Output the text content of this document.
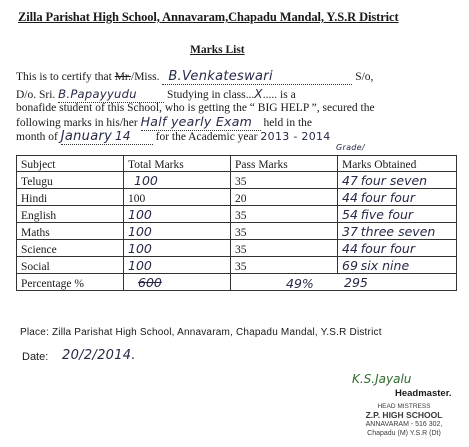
Zilla Parishat High School, Annavaram,Chapadu Mandal, Y.S.R District
Marks List
This is to certify that Mr./Miss. B.Venkateswari	S/o,
D/o. Sri. B.Papayyudu	Studying in class...X..... is a
bonafide student of this School, who is getting the “ BIG HELP ”, secured the
following marks in his/her Half yearly Exam held in the
month of January 14 for the Academic year 2013 - 2014
Grade/
Subject	Total Marks	Pass Marks	Marks Obtained
Telugu	100	35	47 four seven
Hindi	100	20	44 four four
English	100	35	54 five four
Maths	100	35	37 three seven
Science	100	35	44 four four
Social	100	35	69 six nine
Percentage %	600			49% 295
Place: Zilla Parishat High School, Annavaram, Chapadu Mandal, Y.S.R District
Date: 20/2/2014.
K.S.Jayalu
Headmaster.
HEAD MISTRESS
Z.P. HIGH SCHOOL
ANNAVARAM - 516 302,
Chapadu (M) Y.S.R (Dt)
